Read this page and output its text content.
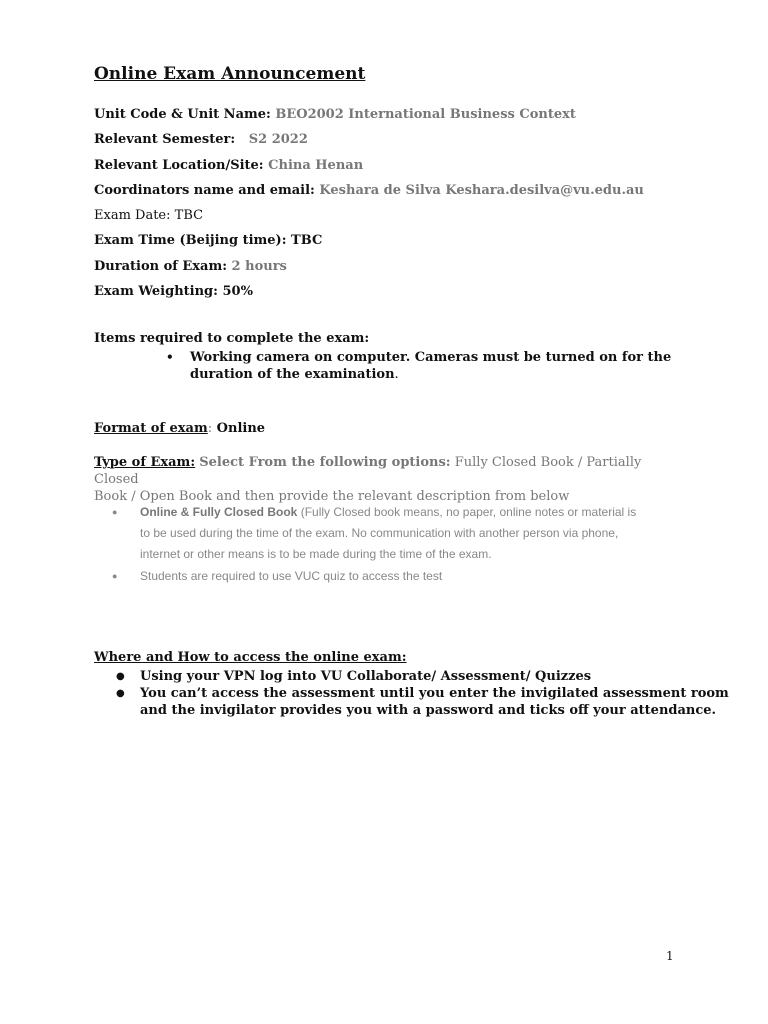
Online Exam Announcement
Unit Code & Unit Name: BEO2002 International Business Context
Relevant Semester: S2 2022
Relevant Location/Site: China Henan
Coordinators name and email: Keshara de Silva Keshara.desilva@vu.edu.au
Exam Date: TBC
Exam Time (Beijing time): TBC
Duration of Exam: 2 hours
Exam Weighting: 50%
Items required to complete the exam:
• Working camera on computer. Cameras must be turned on for the
duration of the examination.
Format of exam: Online
Type of Exam: Select From the following options: Fully Closed Book / Partially Closed
Book / Open Book and then provide the relevant description from below
● Online & Fully Closed Book (Fully Closed book means, no paper, online notes or material is
to be used during the time of the exam. No communication with another person via phone,
internet or other means is to be made during the time of the exam.
● Students are required to use VUC quiz to access the test
Where and How to access the online exam:
● Using your VPN log into VU Collaborate/ Assessment/ Quizzes
● You can’t access the assessment until you enter the invigilated assessment room
and the invigilator provides you with a password and ticks off your attendance.
1
